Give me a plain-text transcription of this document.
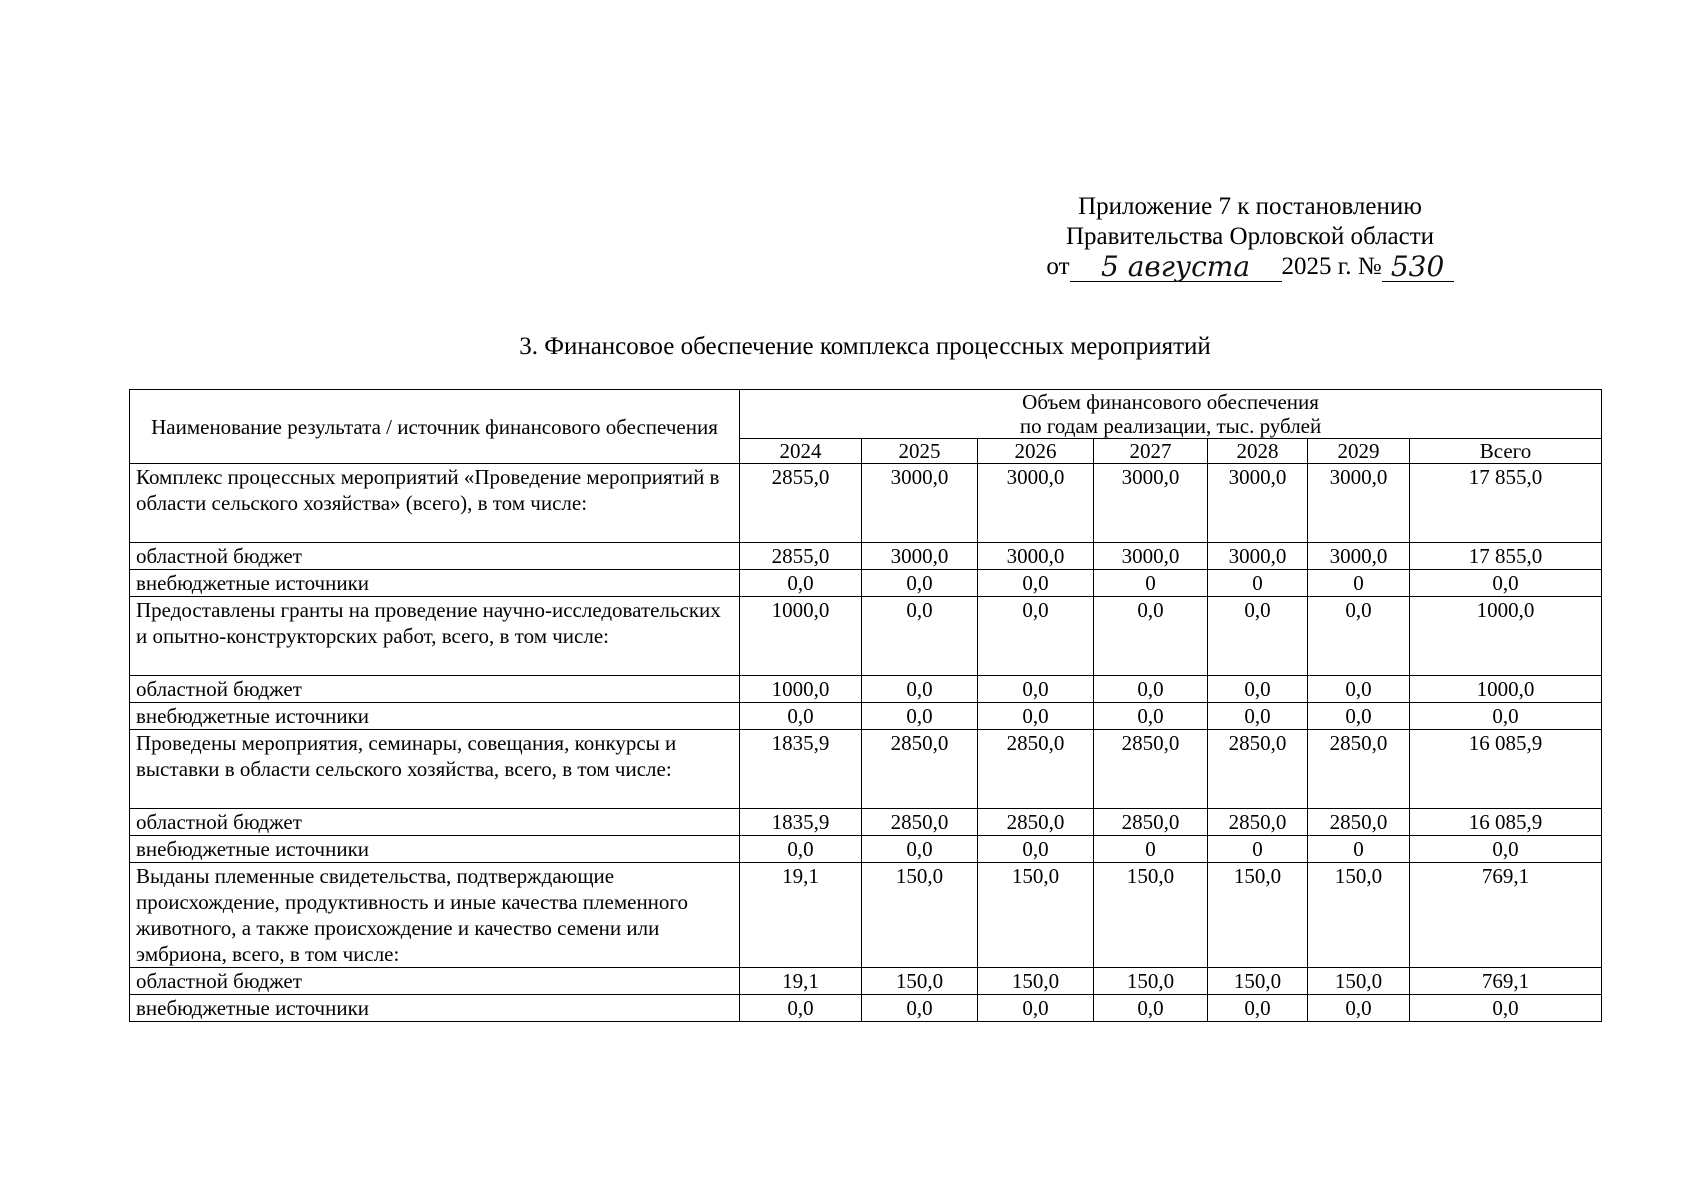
Приложение 7 к постановлению
Правительства Орловской области
от	5 августа	2025 г. № 530
3. Финансовое обеспечение комплекса процессных мероприятий
Наименование результата / источник финансового обеспечения	Объем финансового обеспечения
по годам реализации, тыс. рублей						

	2024	2025	2026	2027	2028	2029	Всего
Комплекс процессных мероприятий «Проведение мероприятий в области сельского хозяйства» (всего), в том числе:	2855,0	3000,0	3000,0	3000,0	3000,0	3000,0	17 855,0
областной бюджет	2855,0	3000,0	3000,0	3000,0	3000,0	3000,0	17 855,0
внебюджетные источники	0,0	0,0	0,0	0	0	0	0,0
Предоставлены гранты на проведение научно-исследовательских и опытно-конструкторских работ, всего, в том числе:	1000,0	0,0	0,0	0,0	0,0	0,0	1000,0
областной бюджет	1000,0	0,0	0,0	0,0	0,0	0,0	1000,0
внебюджетные источники	0,0	0,0	0,0	0,0	0,0	0,0	0,0
Проведены мероприятия, семинары, совещания, конкурсы и выставки в области сельского хозяйства, всего, в том числе:	1835,9	2850,0	2850,0	2850,0	2850,0	2850,0	16 085,9
областной бюджет	1835,9	2850,0	2850,0	2850,0	2850,0	2850,0	16 085,9
внебюджетные источники	0,0	0,0	0,0	0	0	0	0,0
Выданы племенные свидетельства, подтверждающие происхождение, продуктивность и иные качества племенного животного, а также происхождение и качество семени или эмбриона, всего, в том числе:	19,1	150,0	150,0	150,0	150,0	150,0	769,1
областной бюджет	19,1	150,0	150,0	150,0	150,0	150,0	769,1
внебюджетные источники	0,0	0,0	0,0	0,0	0,0	0,0	0,0
